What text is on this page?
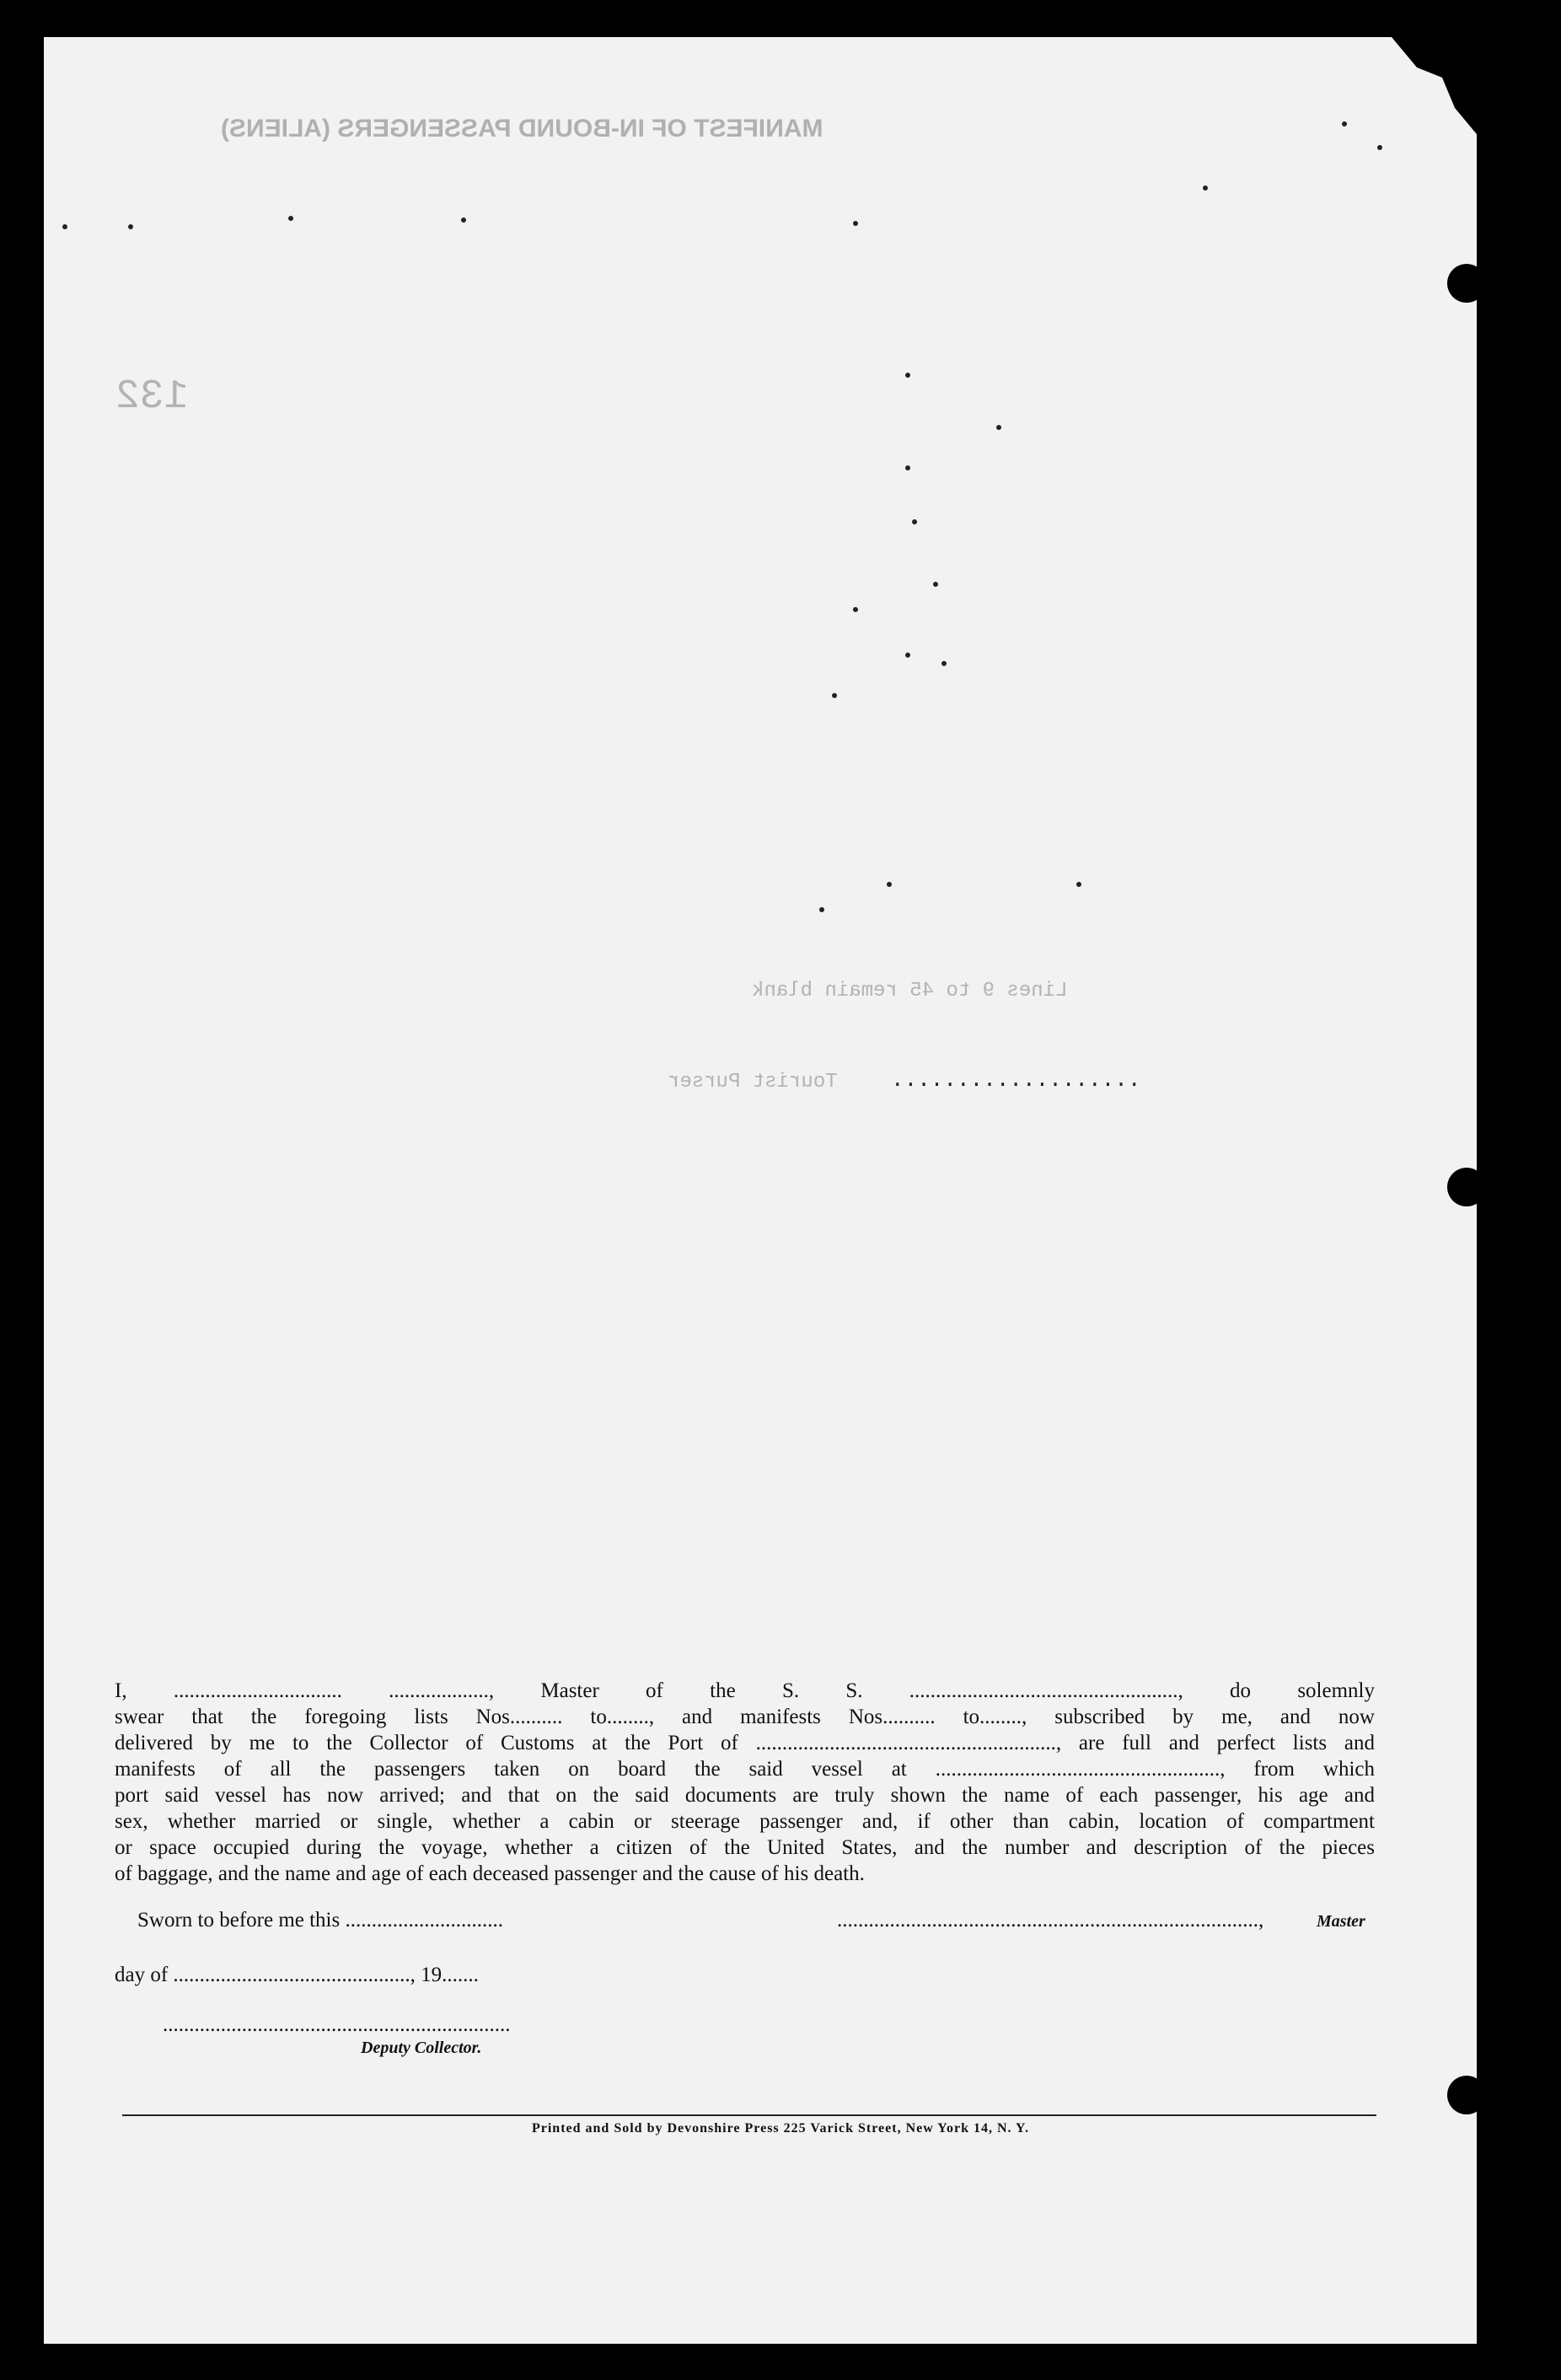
MANIFEST OF IN-BOUND PASSENGERS (ALIENS)
132
Lines 9 to 45 remain blank
Tourist Purser ...................
I, ................................ ..................., Master of the S. S. ..................................................., do solemnly
swear that the foregoing lists Nos.......... to........, and manifests Nos.......... to........, subscribed by me, and now
delivered by me to the Collector of Customs at the Port of ........................................................., are full and perfect lists and
manifests of all the passengers taken on board the said vessel at ......................................................, from which
port said vessel has now arrived; and that on the said documents are truly shown the name of each passenger, his age and
sex, whether married or single, whether a cabin or steerage passenger and, if other than cabin, location of compartment
or space occupied during the voyage, whether a citizen of the United States, and the number and description of the pieces
of baggage, and the name and age of each deceased passenger and the cause of his death.
Sworn to before me this ..............................	................................................................................,	Master
day of ............................................., 19.......
..................................................................
Deputy Collector.
Printed and Sold by Devonshire Press 225 Varick Street, New York 14, N. Y.
